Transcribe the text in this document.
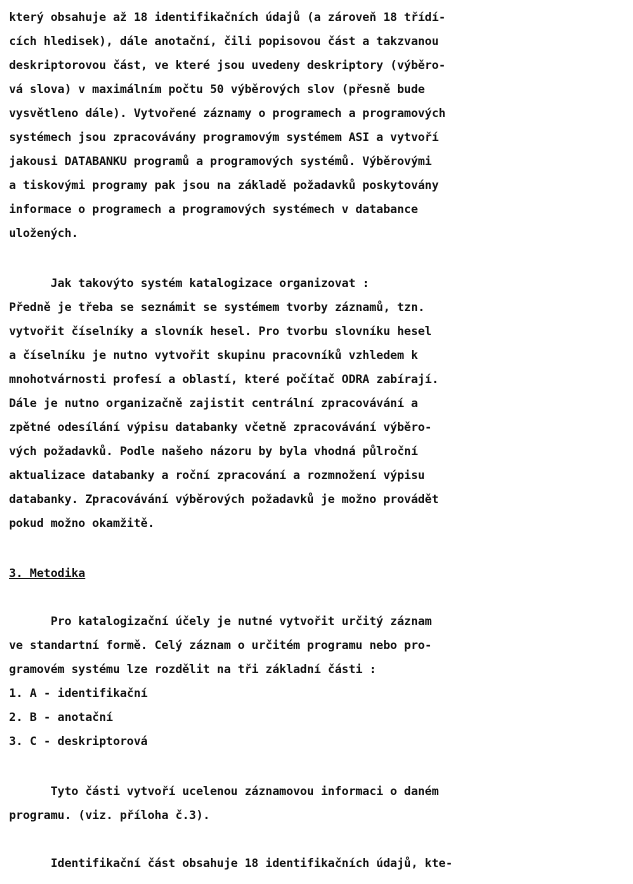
který obsahuje až 18 identifikačních údajů (a zároveň 18 třídí-
cích hledisek), dále anotační, čili popisovou část a takzvanou
deskriptorovou část, ve které jsou uvedeny deskriptory (výběro-
vá slova) v maximálním počtu 50 výběrových slov (přesně bude
vysvětleno dále). Vytvořené záznamy o programech a programových
systémech jsou zpracovávány programovým systémem ASI a vytvoří
jakousi DATABANKU programů a programových systémů. Výběrovými
a tiskovými programy pak jsou na základě požadavků poskytovány
informace o programech a programových systémech v databance
uložených.
Jak takovýto systém katalogizace organizovat :
Předně je třeba se seznámit se systémem tvorby záznamů, tzn.
vytvořit číselníky a slovník hesel. Pro tvorbu slovníku hesel
a číselníku je nutno vytvořit skupinu pracovníků vzhledem k
mnohotvárnosti profesí a oblastí, které počítač ODRA zabírají.
Dále je nutno organizačně zajistit centrální zpracovávání a
zpětné odesílání výpisu databanky včetně zpracovávání výběro-
vých požadavků. Podle našeho názoru by byla vhodná půlroční
aktualizace databanky a roční zpracování a rozmnožení výpisu
databanky. Zpracovávání výběrových požadavků je možno provádět
pokud možno okamžitě.
3. Metodika
Pro katalogizační účely je nutné vytvořit určitý záznam
ve standartní formě. Celý záznam o určitém programu nebo pro-
gramovém systému lze rozdělit na tři základní části :
1. A - identifikační
2. B - anotační
3. C - deskriptorová
Tyto části vytvoří ucelenou záznamovou informaci o daném
programu. (viz. příloha č.3).
Identifikační část obsahuje 18 identifikačních údajů, kte-
